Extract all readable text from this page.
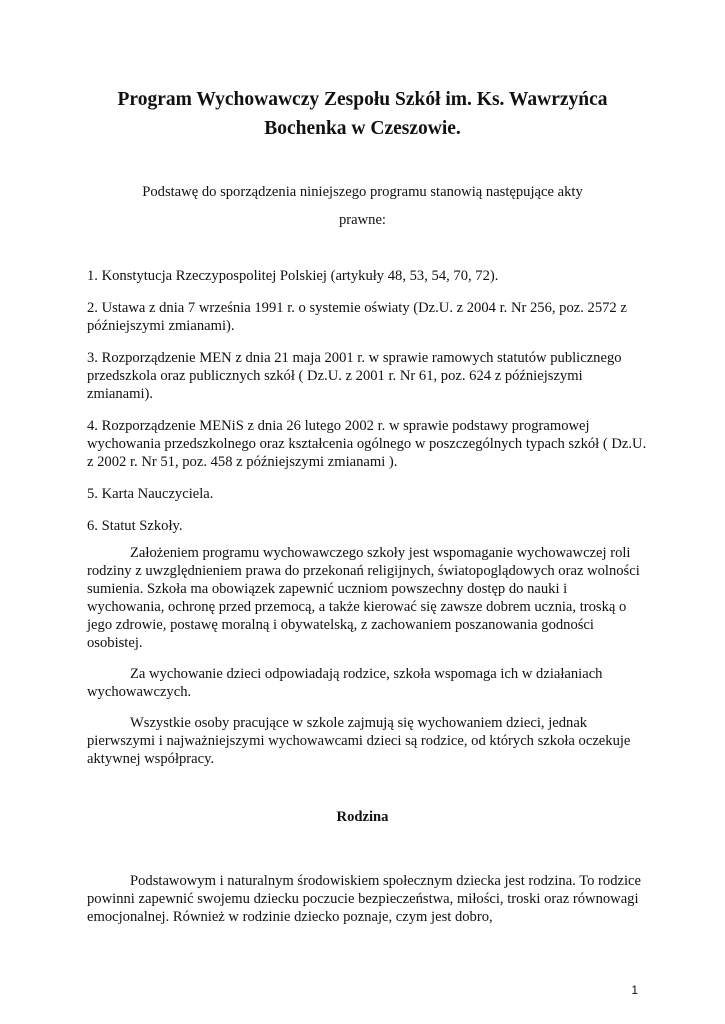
Program Wychowawczy Zespołu Szkół im. Ks. Wawrzyńca
Bochenka w Czeszowie.
Podstawę do sporządzenia niniejszego programu stanowią następujące akty
prawne:

1. Konstytucja Rzeczypospolitej Polskiej (artykuły 48, 53, 54, 70, 72).

2. Ustawa z dnia 7 września 1991 r. o systemie oświaty (Dz.U. z 2004 r. Nr 256, poz. 2572 z późniejszymi zmianami).

3. Rozporządzenie MEN z dnia 21 maja 2001 r. w sprawie ramowych statutów publicznego przedszkola oraz publicznych szkół ( Dz.U. z 2001 r. Nr 61, poz. 624 z późniejszymi zmianami).

4. Rozporządzenie MENiS z dnia 26 lutego 2002 r. w sprawie podstawy programowej wychowania przedszkolnego oraz kształcenia ogólnego w poszczególnych typach szkół ( Dz.U. z 2002 r. Nr 51, poz. 458 z późniejszymi zmianami ).

5. Karta Nauczyciela.

6. Statut Szkoły.

Założeniem programu wychowawczego szkoły jest wspomaganie wychowawczej roli rodziny z uwzględnieniem prawa do przekonań religijnych, światopoglądowych oraz wolności sumienia. Szkoła ma obowiązek zapewnić uczniom powszechny dostęp do nauki i wychowania, ochronę przed przemocą, a także kierować się zawsze dobrem ucznia, troską o jego zdrowie, postawę moralną i obywatelską, z zachowaniem poszanowania godności osobistej.

Za wychowanie dzieci odpowiadają rodzice, szkoła wspomaga ich w działaniach wychowawczych.

Wszystkie osoby pracujące w szkole zajmują się wychowaniem dzieci, jednak pierwszymi i najważniejszymi wychowawcami dzieci są rodzice, od których szkoła oczekuje aktywnej współpracy.

Rodzina

Podstawowym i naturalnym środowiskiem społecznym dziecka jest rodzina. To rodzice powinni zapewnić swojemu dziecku poczucie bezpieczeństwa, miłości, troski oraz równowagi emocjonalnej. Również w rodzinie dziecko poznaje, czym jest dobro,

1
